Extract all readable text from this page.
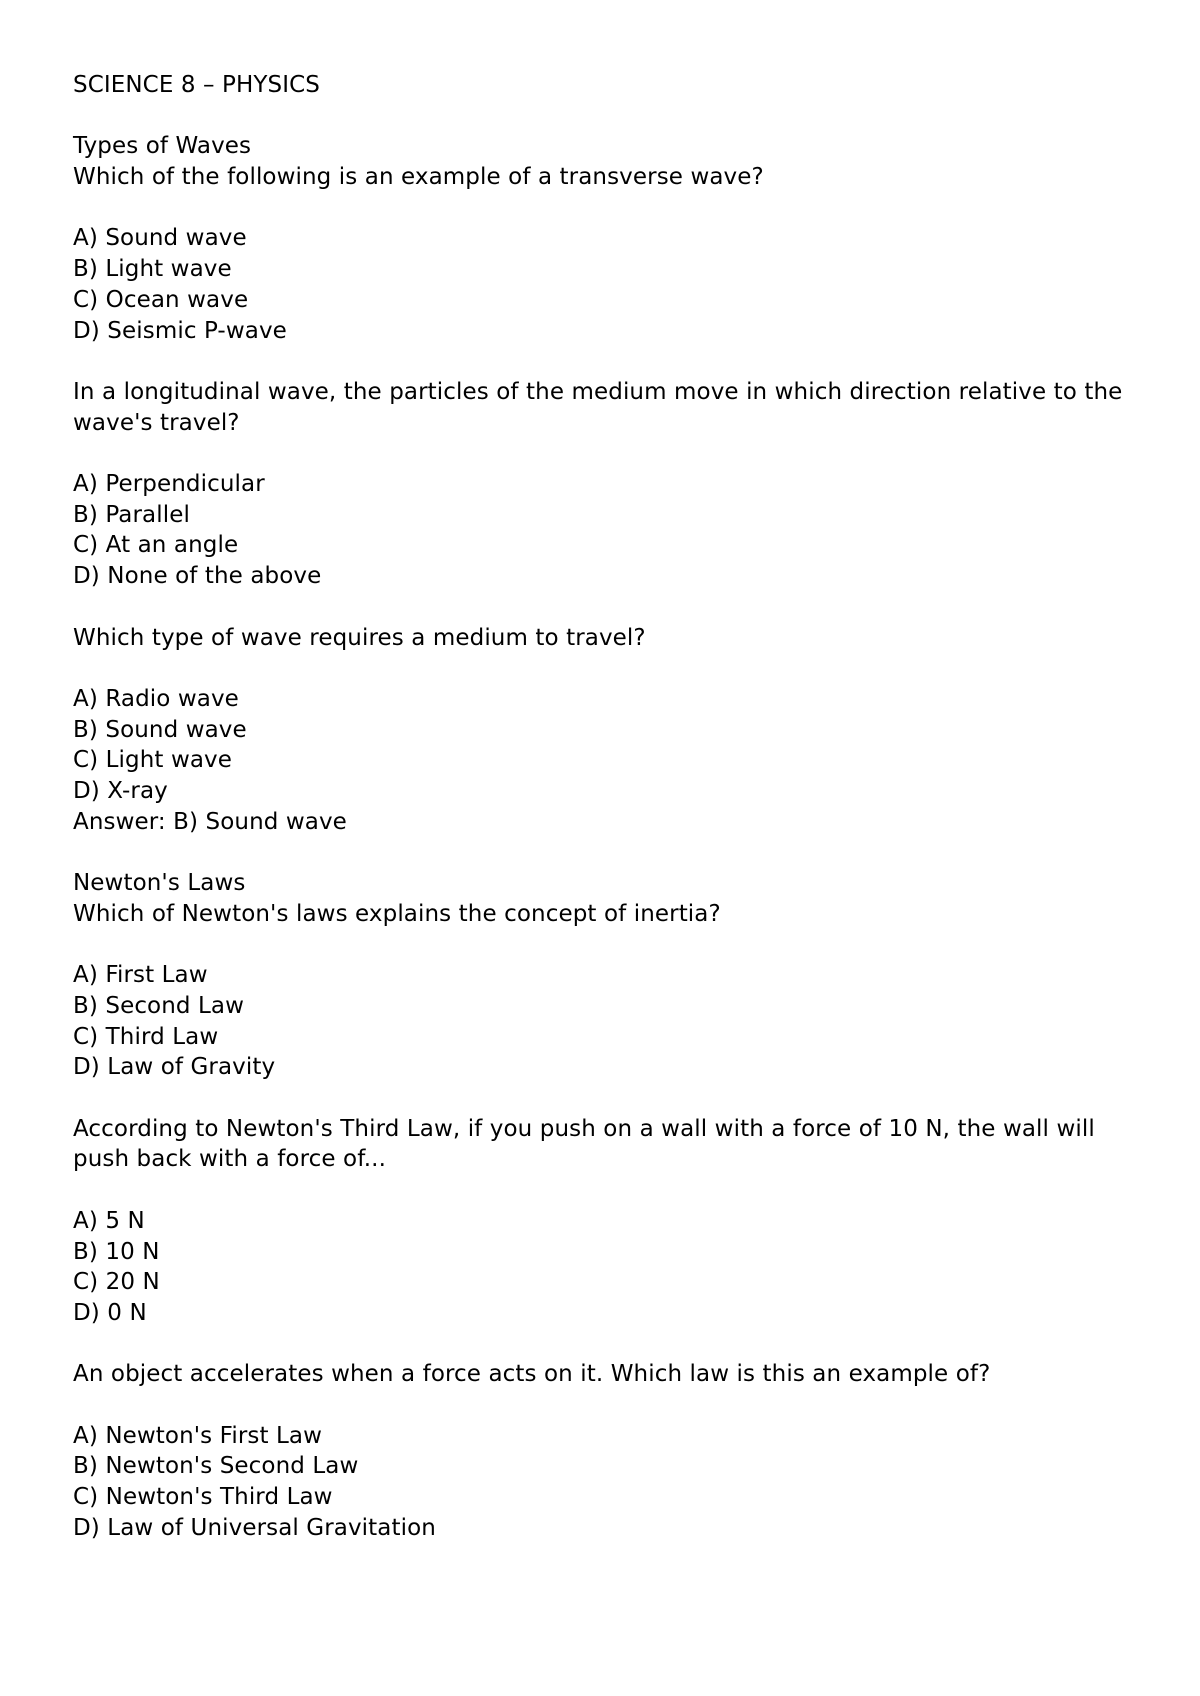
SCIENCE 8 – PHYSICS
Types of Waves
Which of the following is an example of a transverse wave?
A) Sound wave
B) Light wave
C) Ocean wave
D) Seismic P-wave
In a longitudinal wave, the particles of the medium move in which direction relative to the wave's travel?
A) Perpendicular
B) Parallel
C) At an angle
D) None of the above
Which type of wave requires a medium to travel?
A) Radio wave
B) Sound wave
C) Light wave
D) X-ray
Answer: B) Sound wave
Newton's Laws
Which of Newton's laws explains the concept of inertia?
A) First Law
B) Second Law
C) Third Law
D) Law of Gravity
According to Newton's Third Law, if you push on a wall with a force of 10 N, the wall will push back with a force of...
A) 5 N
B) 10 N
C) 20 N
D) 0 N
An object accelerates when a force acts on it. Which law is this an example of?
A) Newton's First Law
B) Newton's Second Law
C) Newton's Third Law
D) Law of Universal Gravitation
